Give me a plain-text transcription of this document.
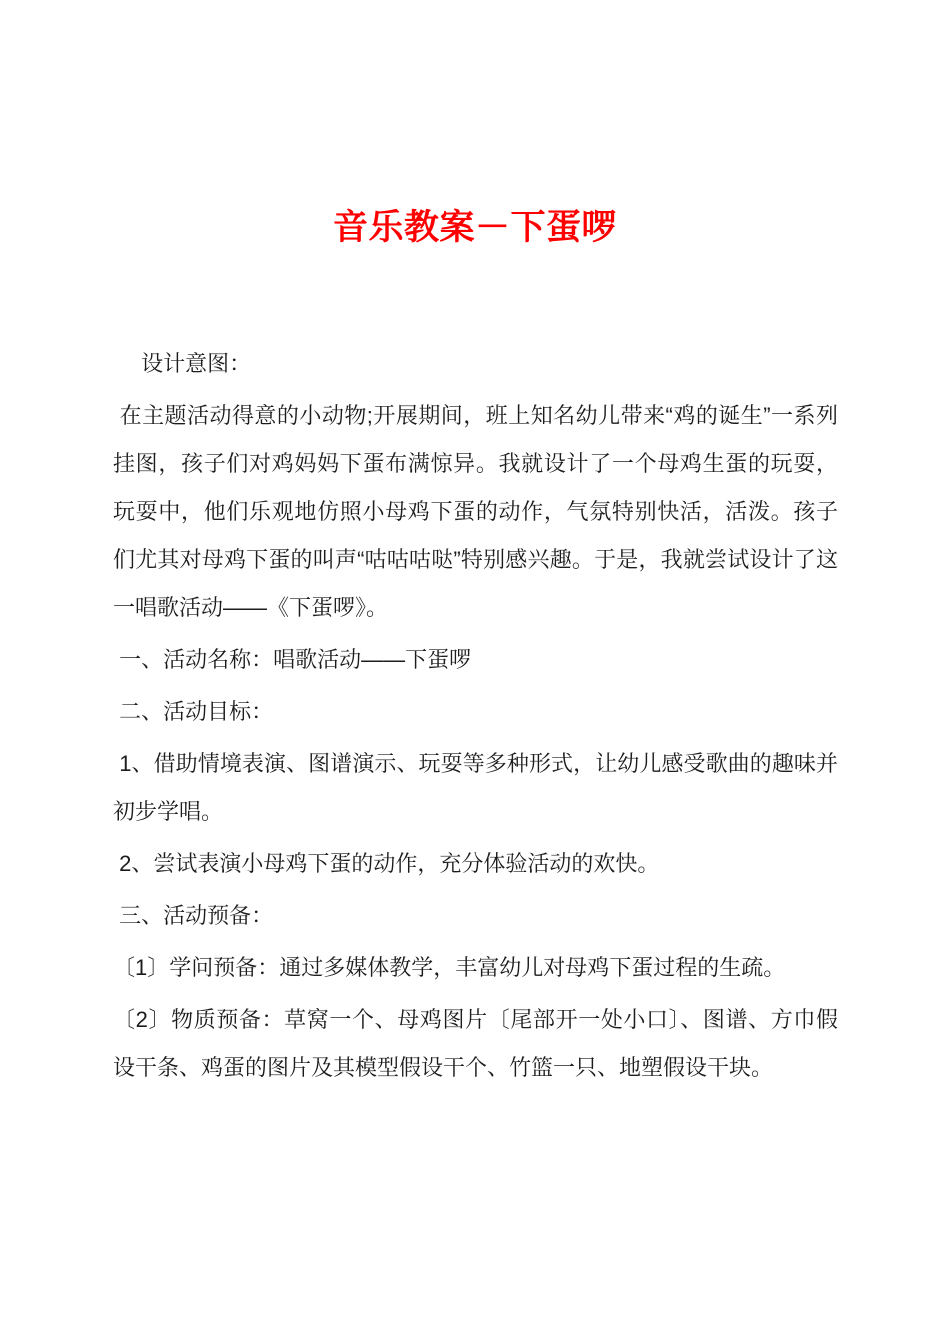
音乐教案－下蛋啰

　 设计意图：

在主题活动得意的小动物;开展期间，班上知名幼儿带来“鸡的诞生”一系列挂图，孩子们对鸡妈妈下蛋布满惊异。我就设计了一个母鸡生蛋的玩耍，玩耍中，他们乐观地仿照小母鸡下蛋的动作，气氛特别快活，活泼。孩子们尤其对母鸡下蛋的叫声“咕咕咕哒”特别感兴趣。于是，我就尝试设计了这一唱歌活动——《下蛋啰》。

一、活动名称：唱歌活动——下蛋啰

二、活动目标：

1、借助情境表演、图谱演示、玩耍等多种形式，让幼儿感受歌曲的趣味并初步学唱。

2、尝试表演小母鸡下蛋的动作，充分体验活动的欢快。

三、活动预备：

〔1〕学问预备：通过多媒体教学，丰富幼儿对母鸡下蛋过程的生疏。

〔2〕物质预备：草窝一个、母鸡图片〔尾部开一处小口〕、图谱、方巾假设干条、鸡蛋的图片及其模型假设干个、竹篮一只、地塑假设干块。
